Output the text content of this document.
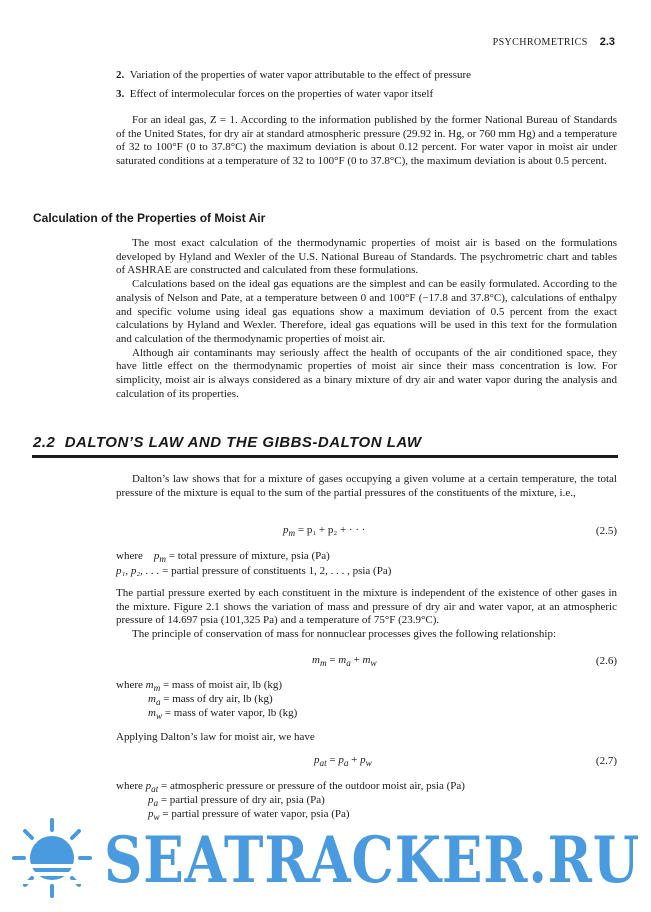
PSYCHROMETRICS 2.3
2. Variation of the properties of water vapor attributable to the effect of pressure
3. Effect of intermolecular forces on the properties of water vapor itself
For an ideal gas, Z = 1. According to the information published by the former National Bureau of Standards of the United States, for dry air at standard atmospheric pressure (29.92 in. Hg, or 760 mm Hg) and a temperature of 32 to 100°F (0 to 37.8°C) the maximum deviation is about 0.12 percent. For water vapor in moist air under saturated conditions at a temperature of 32 to 100°F (0 to 37.8°C), the maximum deviation is about 0.5 percent.
Calculation of the Properties of Moist Air
The most exact calculation of the thermodynamic properties of moist air is based on the formulations developed by Hyland and Wexler of the U.S. National Bureau of Standards. The psychrometric chart and tables of ASHRAE are constructed and calculated from these formulations.
Calculations based on the ideal gas equations are the simplest and can be easily formulated. According to the analysis of Nelson and Pate, at a temperature between 0 and 100°F (−17.8 and 37.8°C), calculations of enthalpy and specific volume using ideal gas equations show a maximum deviation of 0.5 percent from the exact calculations by Hyland and Wexler. Therefore, ideal gas equations will be used in this text for the formulation and calculation of the thermodynamic properties of moist air.
Although air contaminants may seriously affect the health of occupants of the air conditioned space, they have little effect on the thermodynamic properties of moist air since their mass concentration is low. For simplicity, moist air is always considered as a binary mixture of dry air and water vapor during the analysis and calculation of its properties.
2.2 DALTON’S LAW AND THE GIBBS-DALTON LAW
Dalton’s law shows that for a mixture of gases occupying a given volume at a certain temperature, the total pressure of the mixture is equal to the sum of the partial pressures of the constituents of the mixture, i.e.,
$p_m = p_1 + p_2$ + · · ·	(2.5)
where $p_m$ = total pressure of mixture, psia (Pa)
p₁, p₂, . . . = partial pressure of constituents 1, 2, . . . , psia (Pa)
The partial pressure exerted by each constituent in the mixture is independent of the existence of other gases in the mixture. Figure 2.1 shows the variation of mass and pressure of dry air and water vapor, at an atmospheric pressure of 14.697 psia (101,325 Pa) and a temperature of 75°F (23.9°C).
The principle of conservation of mass for nonnuclear processes gives the following relationship:
$m_m = m_a + m_w$	(2.6)
where $m_m$ = mass of moist air, lb (kg)
$m_a$ = mass of dry air, lb (kg)
$m_w$ = mass of water vapor, lb (kg)
Applying Dalton’s law for moist air, we have
$p_{at} = p_a + p_w$	(2.7)
where $p_{at}$ = atmospheric pressure or pressure of the outdoor moist air, psia (Pa)
$p_a$ = partial pressure of dry air, psia (Pa)
$p_w$ = partial pressure of water vapor, psia (Pa)
SEATRACKER.RU
